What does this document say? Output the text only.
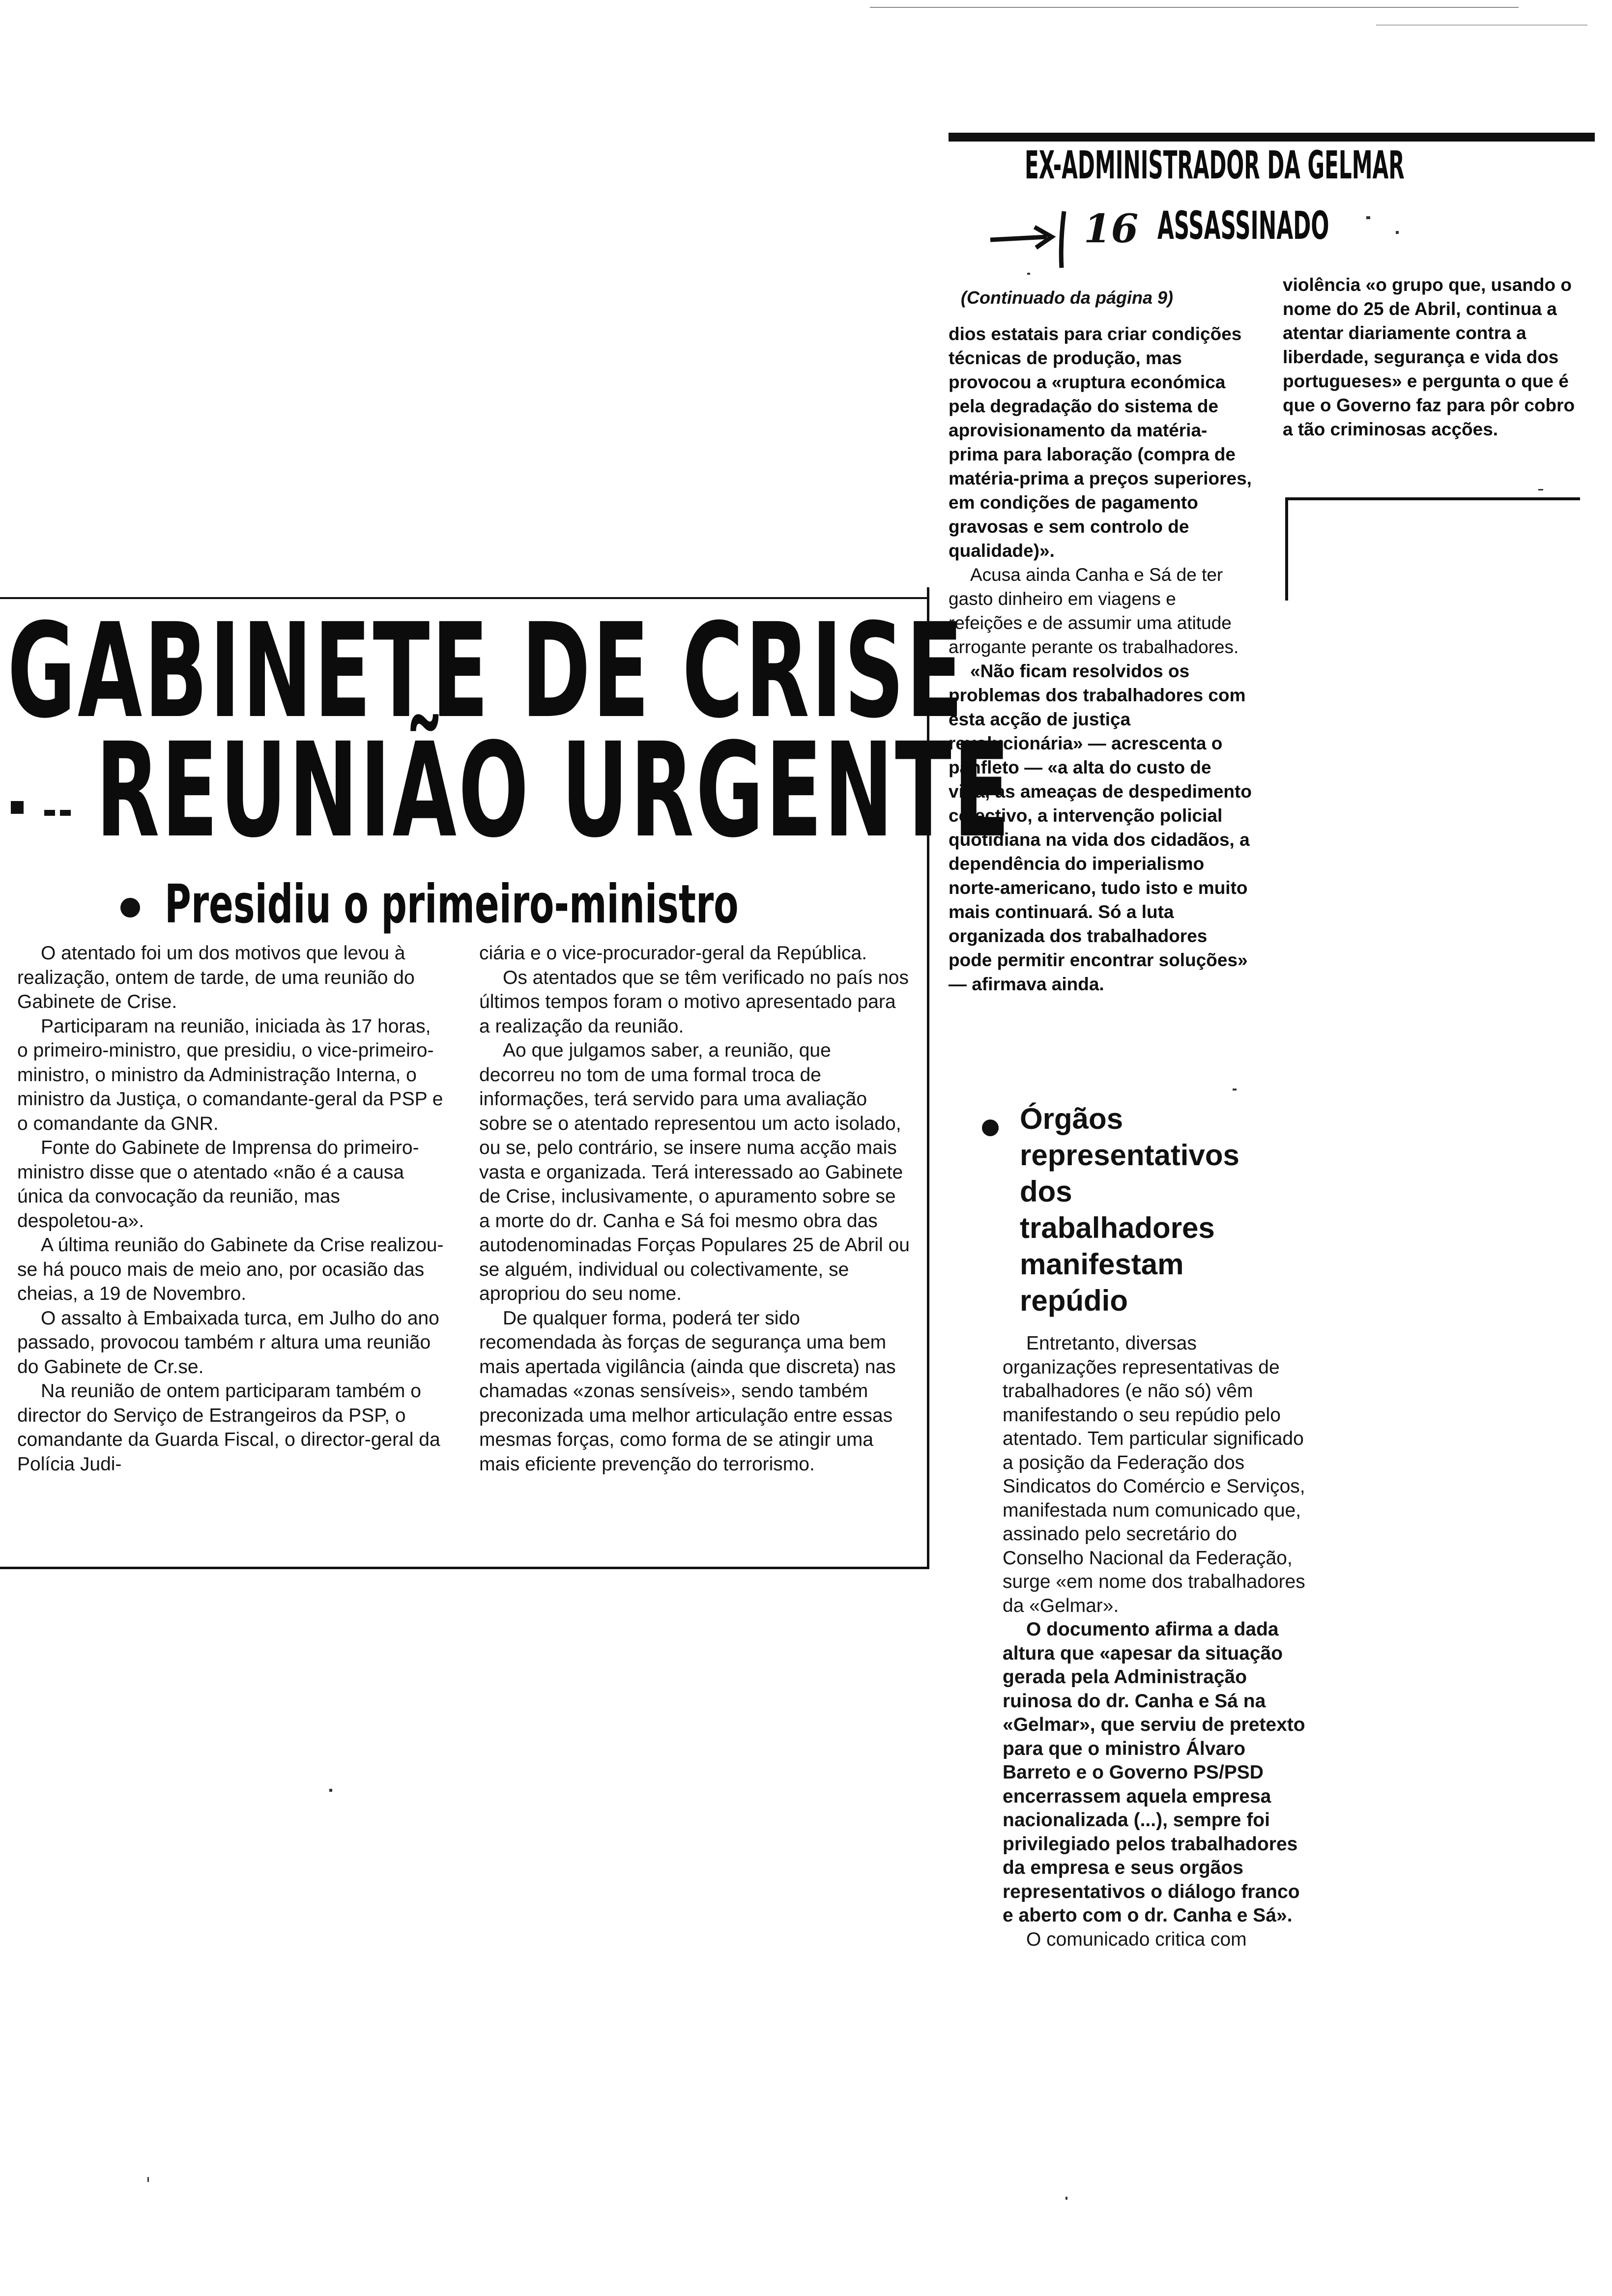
EX-ADMINISTRADOR DA GELMAR
16 ASSASSINADO
(Continuado da página 9)

dios estatais para criar condições técnicas de produção, mas provocou a «ruptura económica pela degradação do sistema de aprovisionamento da matéria-prima para laboração (compra de matéria-prima a preços superiores, em condições de pagamento gravosas e sem controlo de qualidade)».

Acusa ainda Canha e Sá de ter gasto dinheiro em viagens e refeições e de assumir uma atitude arrogante perante os trabalhadores.

«Não ficam resolvidos os problemas dos trabalhadores com esta acção de justiça revolucionária» — acrescenta o panfleto — «a alta do custo de vida, as ameaças de despedimento colectivo, a intervenção policial quotidiana na vida dos cidadãos, a dependência do imperialismo norte-americano, tudo isto e muito mais continuará. Só a luta organizada dos trabalhadores pode permitir encontrar soluções» — afirmava ainda.

violência «o grupo que, usando o nome do 25 de Abril, continua a atentar diariamente contra a liberdade, segurança e vida dos portugueses» e pergunta o que é que o Governo faz para pôr cobro a tão criminosas acções.

Órgãos
representativos
dos
trabalhadores
manifestam
repúdio

Entretanto, diversas organizações representativas de trabalhadores (e não só) vêm manifestando o seu repúdio pelo atentado. Tem particular significado a posição da Federação dos Sindicatos do Comércio e Serviços, manifestada num comunicado que, assinado pelo secretário do Conselho Nacional da Federação, surge «em nome dos trabalhadores da «Gelmar».

O documento afirma a dada altura que «apesar da situação gerada pela Administração ruinosa do dr. Canha e Sá na «Gelmar», que serviu de pretexto para que o ministro Álvaro Barreto e o Governo PS/PSD encerrassem aquela empresa nacionalizada (...), sempre foi privilegiado pelos trabalhadores da empresa e seus orgãos representativos o diálogo franco e aberto com o dr. Canha e Sá».

O comunicado critica com

GABINETE DE CRISE
REUNIÃO URGENTE
Presidiu o primeiro-ministro

O atentado foi um dos motivos que levou à realização, ontem de tarde, de uma reunião do Gabinete de Crise.

Participaram na reunião, iniciada às 17 horas, o primeiro-ministro, que presidiu, o vice-primeiro-ministro, o ministro da Administração Interna, o ministro da Justiça, o comandante-geral da PSP e o comandante da GNR.

Fonte do Gabinete de Imprensa do primeiro-ministro disse que o atentado «não é a causa única da convocação da reunião, mas despoletou-a».

A última reunião do Gabinete da Crise realizou-se há pouco mais de meio ano, por ocasião das cheias, a 19 de Novembro.

O assalto à Embaixada turca, em Julho do ano passado, provocou também r altura uma reunião do Gabinete de Cr.se.

Na reunião de ontem participaram também o director do Serviço de Estrangeiros da PSP, o comandante da Guarda Fiscal, o director-geral da Polícia Judi-

ciária e o vice-procurador-geral da República.

Os atentados que se têm verificado no país nos últimos tempos foram o motivo apresentado para a realização da reunião.

Ao que julgamos saber, a reunião, que decorreu no tom de uma formal troca de informações, terá servido para uma avaliação sobre se o atentado representou um acto isolado, ou se, pelo contrário, se insere numa acção mais vasta e organizada. Terá interessado ao Gabinete de Crise, inclusivamente, o apuramento sobre se a morte do dr. Canha e Sá foi mesmo obra das autodenominadas Forças Populares 25 de Abril ou se alguém, individual ou colectivamente, se apropriou do seu nome.

De qualquer forma, poderá ter sido recomendada às forças de segurança uma bem mais apertada vigilância (ainda que discreta) nas chamadas «zonas sensíveis», sendo também preconizada uma melhor articulação entre essas mesmas forças, como forma de se atingir uma mais eficiente prevenção do terrorismo.
